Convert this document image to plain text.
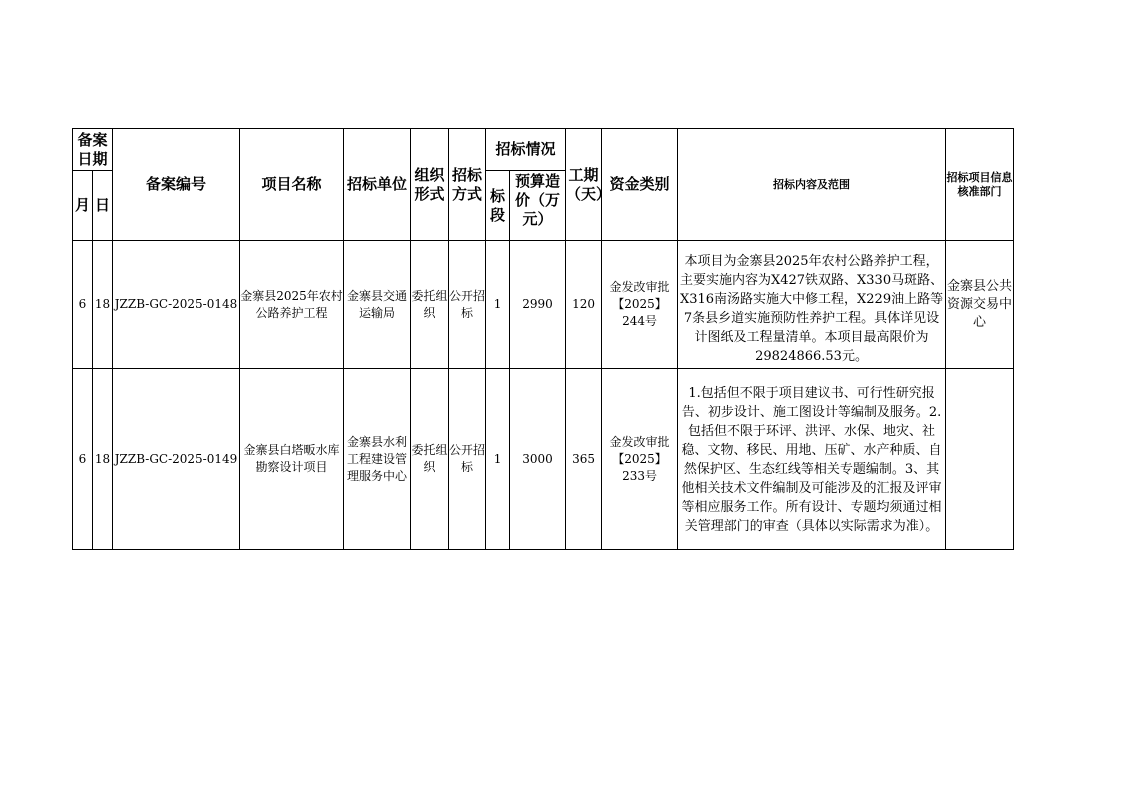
备案日期		备案编号	项目名称	招标单位	组织形式	招标方式	招标情况		工期（天）	资金类别	招标内容及范围	招标项目信息核准部门
月	日						标段	预算造价（万元）				

6	18	JZZB-GC-2025-0148	金寨县2025年农村公路养护工程	金寨县交通运输局	委托组织	公开招标	1	2990	120	金发改审批【2025】244号	本项目为金寨县2025年农村公路养护工程，主要实施内容为X427铁双路、X330马斑路、X316南汤路实施大中修工程，X229油上路等7条县乡道实施预防性养护工程。具体详见设计图纸及工程量清单。本项目最高限价为29824866.53元。	金寨县公共资源交易中心
6	18	JZZB-GC-2025-0149	金寨县白塔畈水库勘察设计项目	金寨县水利工程建设管理服务中心	委托组织	公开招标	1	3000	365	金发改审批【2025】233号	1.包括但不限于项目建议书、可行性研究报告、初步设计、施工图设计等编制及服务。2.包括但不限于环评、洪评、水保、地灾、社稳、文物、移民、用地、压矿、水产种质、自然保护区、生态红线等相关专题编制。3、其他相关技术文件编制及可能涉及的汇报及评审等相应服务工作。所有设计、专题均须通过相关管理部门的审查（具体以实际需求为准）。	
